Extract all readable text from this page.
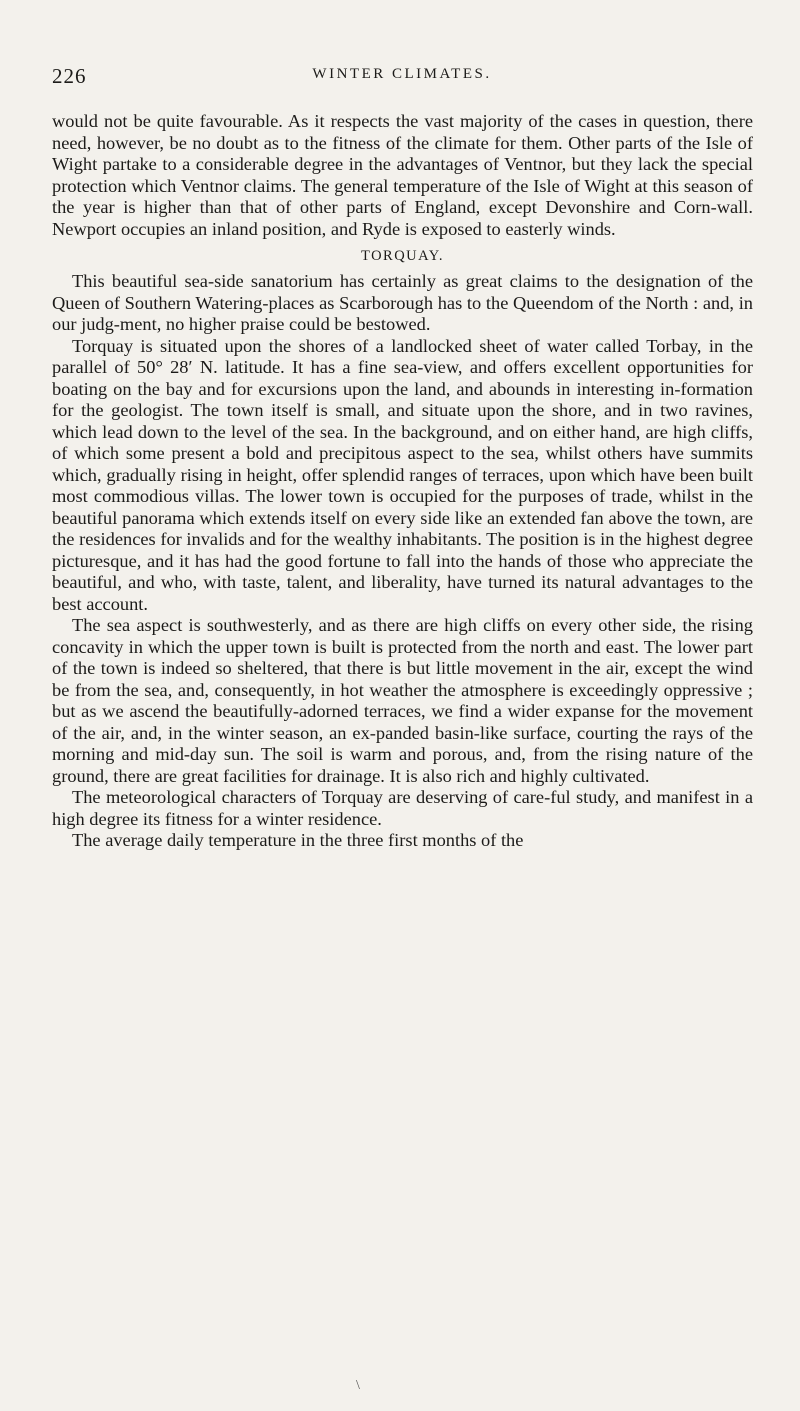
226	WINTER CLIMATES.

would not be quite favourable. As it respects the vast majority of the cases in question, there need, however, be no doubt as to the fitness of the climate for them. Other parts of the Isle of Wight partake to a considerable degree in the advantages of Ventnor, but they lack the special protection which Ventnor claims. The general temperature of the Isle of Wight at this season of the year is higher than that of other parts of England, except Devonshire and Corn-wall. Newport occupies an inland position, and Ryde is exposed to easterly winds.

TORQUAY.

This beautiful sea-side sanatorium has certainly as great claims to the designation of the Queen of Southern Watering-places as Scarborough has to the Queendom of the North : and, in our judg-ment, no higher praise could be bestowed.

Torquay is situated upon the shores of a landlocked sheet of water called Torbay, in the parallel of 50° 28′ N. latitude. It has a fine sea-view, and offers excellent opportunities for boating on the bay and for excursions upon the land, and abounds in interesting in-formation for the geologist. The town itself is small, and situate upon the shore, and in two ravines, which lead down to the level of the sea. In the background, and on either hand, are high cliffs, of which some present a bold and precipitous aspect to the sea, whilst others have summits which, gradually rising in height, offer splendid ranges of terraces, upon which have been built most commodious villas. The lower town is occupied for the purposes of trade, whilst in the beautiful panorama which extends itself on every side like an extended fan above the town, are the residences for invalids and for the wealthy inhabitants. The position is in the highest degree picturesque, and it has had the good fortune to fall into the hands of those who appreciate the beautiful, and who, with taste, talent, and liberality, have turned its natural advantages to the best account.

The sea aspect is southwesterly, and as there are high cliffs on every other side, the rising concavity in which the upper town is built is protected from the north and east. The lower part of the town is indeed so sheltered, that there is but little movement in the air, except the wind be from the sea, and, consequently, in hot weather the atmosphere is exceedingly oppressive ; but as we ascend the beautifully-adorned terraces, we find a wider expanse for the movement of the air, and, in the winter season, an ex-panded basin-like surface, courting the rays of the morning and mid-day sun. The soil is warm and porous, and, from the rising nature of the ground, there are great facilities for drainage. It is also rich and highly cultivated.

The meteorological characters of Torquay are deserving of care-ful study, and manifest in a high degree its fitness for a winter residence.

The average daily temperature in the three first months of the

\
